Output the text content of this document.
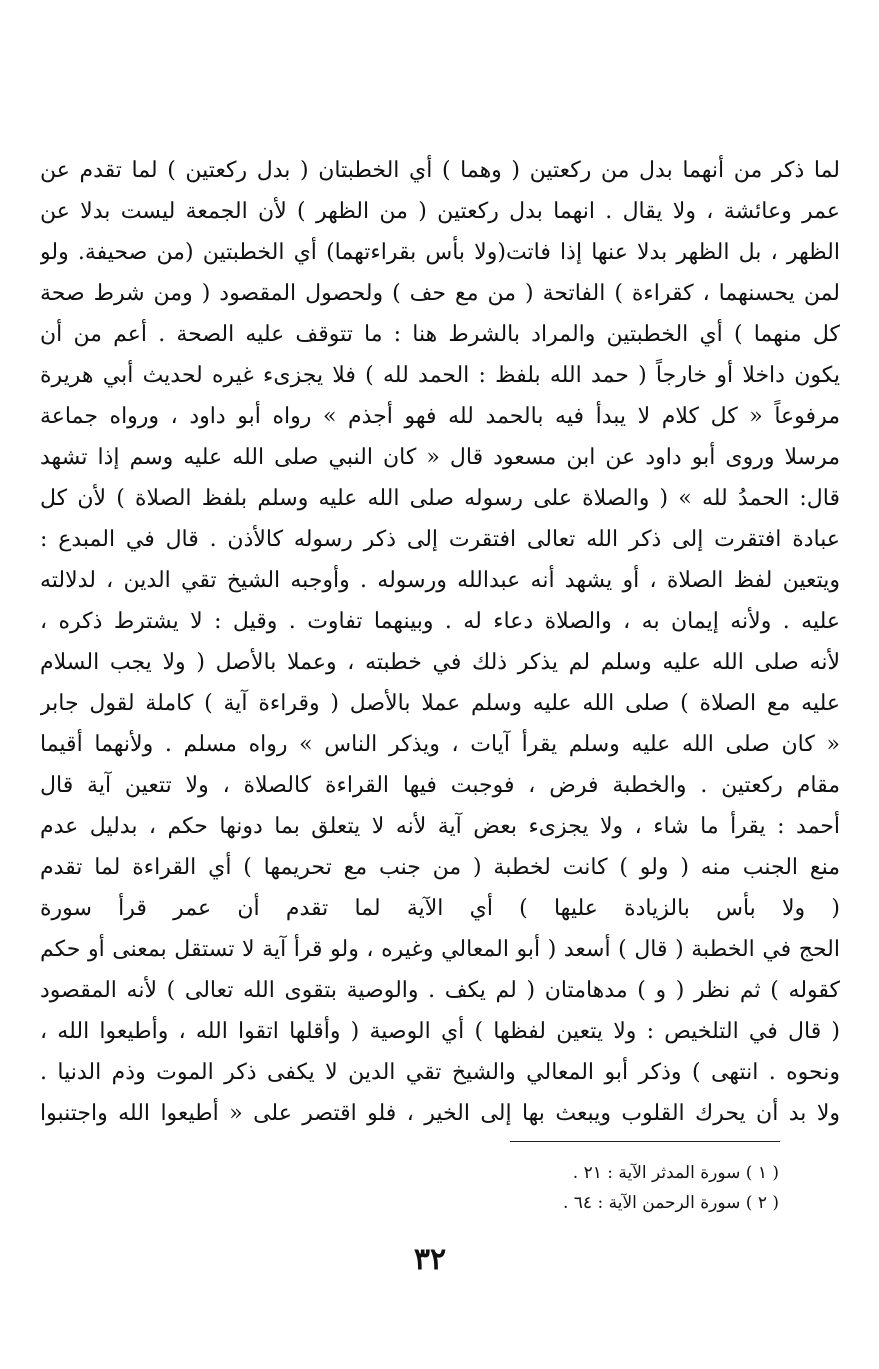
لما ذكر من أنهما بدل من ركعتين ( وهما ) أي الخطبتان ( بدل ركعتين ) لما تقدم عن
عمر وعائشة ، ولا يقال . انهما بدل ركعتين ( من الظهر ) لأن الجمعة ليست بدلا عن
الظهر ، بل الظهر بدلا عنها إذا فاتت(ولا بأس بقراءتهما) أي الخطبتين (من صحيفة. ولو
لمن يحسنهما ، كقراءة ) الفاتحة ( من مع حف ) ولحصول المقصود ( ومن شرط صحة
كل منهما ) أي الخطبتين والمراد بالشرط هنا : ما تتوقف عليه الصحة . أعم من أن
يكون داخلا أو خارجاً ( حمد الله بلفظ : الحمد لله ) فلا يجزىء غيره لحديث أبي هريرة
مرفوعاً « كل كلام لا يبدأ فيه بالحمد لله فهو أجذم » رواه أبو داود ، ورواه جماعة
مرسلا وروى أبو داود عن ابن مسعود قال « كان النبي صلى الله عليه وسم إذا تشهد
قال: الحمدُ لله » ( والصلاة على رسوله صلى الله عليه وسلم بلفظ الصلاة ) لأن كل
عبادة افتقرت إلى ذكر الله تعالى افتقرت إلى ذكر رسوله كالأذن . قال في المبدع :
ويتعين لفظ الصلاة ، أو يشهد أنه عبدالله ورسوله . وأوجبه الشيخ تقي الدين ، لدلالته
عليه . ولأنه إيمان به ، والصلاة دعاء له . وبينهما تفاوت . وقيل : لا يشترط ذكره ،
لأنه صلى الله عليه وسلم لم يذكر ذلك في خطبته ، وعملا بالأصل ( ولا يجب السلام
عليه مع الصلاة ) صلى الله عليه وسلم عملا بالأصل ( وقراءة آية ) كاملة لقول جابر
« كان صلى الله عليه وسلم يقرأ آيات ، ويذكر الناس » رواه مسلم . ولأنهما أقيما
مقام ركعتين . والخطبة فرض ، فوجبت فيها القراءة كالصلاة ، ولا تتعين آية قال
أحمد : يقرأ ما شاء ، ولا يجزىء بعض آية لأنه لا يتعلق بما دونها حكم ، بدليل عدم
منع الجنب منه ( ولو ) كانت لخطبة ( من جنب مع تحريمها ) أي القراءة لما تقدم
( ولا بأس بالزيادة عليها ) أي الآية لما تقدم أن عمر قرأ سورة
الحج في الخطبة ( قال ) أسعد ( أبو المعالي وغيره ، ولو قرأ آية لا تستقل بمعنى أو حكم
كقوله ) ثم نظر ( و ) مدهامتان ( لم يكف . والوصية بتقوى الله تعالى ) لأنه المقصود
( قال في التلخيص : ولا يتعين لفظها ) أي الوصية ( وأقلها اتقوا الله ، وأطيعوا الله ،
ونحوه . انتهى ) وذكر أبو المعالي والشيخ تقي الدين لا يكفى ذكر الموت وذم الدنيا .
ولا بد أن يحرك القلوب ويبعث بها إلى الخير ، فلو اقتصر على « أطيعوا الله واجتنبوا
( ١ ) سورة المدثر الآية : ٢١ .
( ٢ ) سورة الرحمن الآية : ٦٤ .
٣٢
